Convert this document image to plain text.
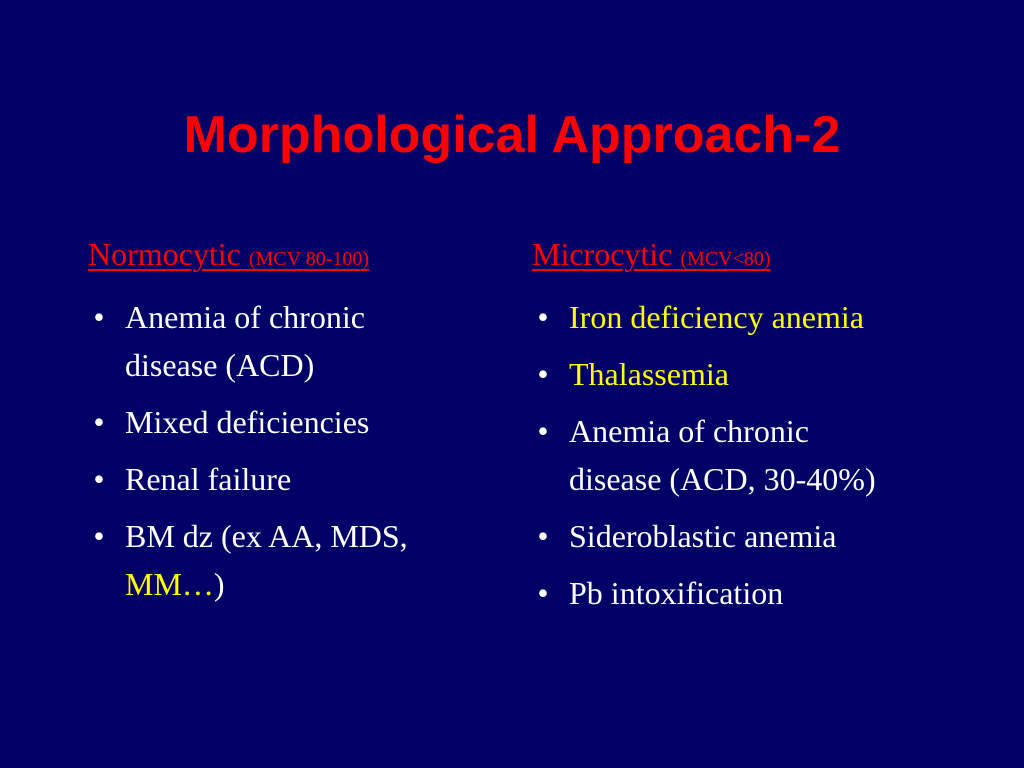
Morphological Approach-2
Normocytic (MCV 80-100)
• Anemia of chronic
disease (ACD)
• Mixed deficiencies
• Renal failure
• BM dz (ex AA, MDS,
MM…)
Microcytic (MCV<80)
• Iron deficiency anemia
• Thalassemia
• Anemia of chronic
disease (ACD, 30-40%)
• Sideroblastic anemia
• Pb intoxification
